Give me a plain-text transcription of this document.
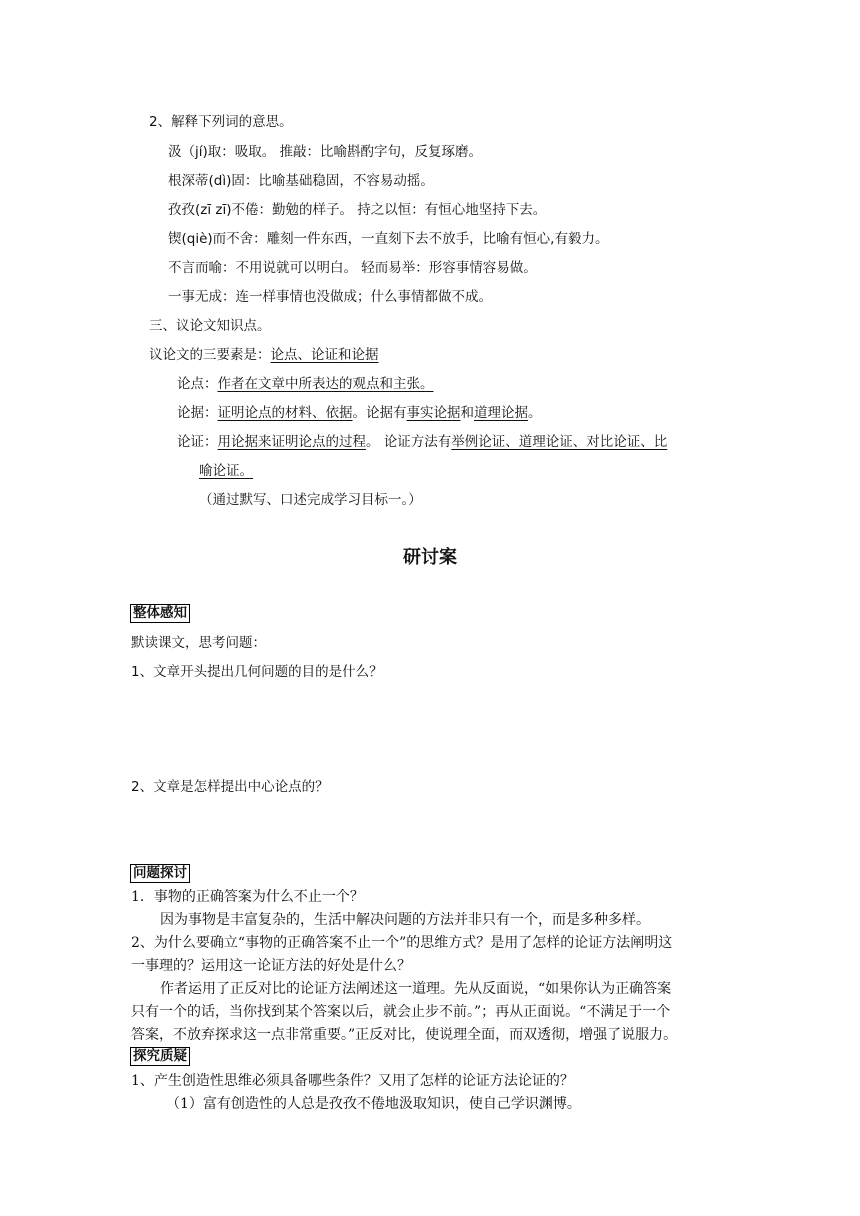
2、解释下列词的意思。
汲（jí)取：吸取。 推敲：比喻斟酌字句，反复琢磨。
根深蒂(dì)固：比喻基础稳固，不容易动摇。
孜孜(zī zī)不倦：勤勉的样子。 持之以恒：有恒心地坚持下去。
锲(qiè)而不舍：雕刻一件东西，一直刻下去不放手，比喻有恒心,有毅力。
不言而喻：不用说就可以明白。 轻而易举：形容事情容易做。
一事无成：连一样事情也没做成；什么事情都做不成。
三、议论文知识点。
议论文的三要素是：论点、论证和论据
论点：作者在文章中所表达的观点和主张。
论据：证明论点的材料、依据。论据有事实论据和道理论据。
论证：用论据来证明论点的过程。 论证方法有举例论证、道理论证、对比论证、比
喻论证。
（通过默写、口述完成学习目标一。）
研讨案
整体感知
默读课文，思考问题：
1、文章开头提出几何问题的目的是什么？
2、文章是怎样提出中心论点的？
问题探讨
1．事物的正确答案为什么不止一个？
因为事物是丰富复杂的，生活中解决问题的方法并非只有一个，而是多种多样。
2、为什么要确立“事物的正确答案不止一个”的思维方式？是用了怎样的论证方法阐明这
一事理的？运用这一论证方法的好处是什么？
作者运用了正反对比的论证方法阐述这一道理。先从反面说，“如果你认为正确答案
只有一个的话，当你找到某个答案以后，就会止步不前。”；再从正面说。“不满足于一个
答案，不放弃探求这一点非常重要。”正反对比，使说理全面，而双透彻，增强了说服力。
探究质疑
1、产生创造性思维必须具备哪些条件？又用了怎样的论证方法论证的？
（1）富有创造性的人总是孜孜不倦地汲取知识，使自己学识渊博。
